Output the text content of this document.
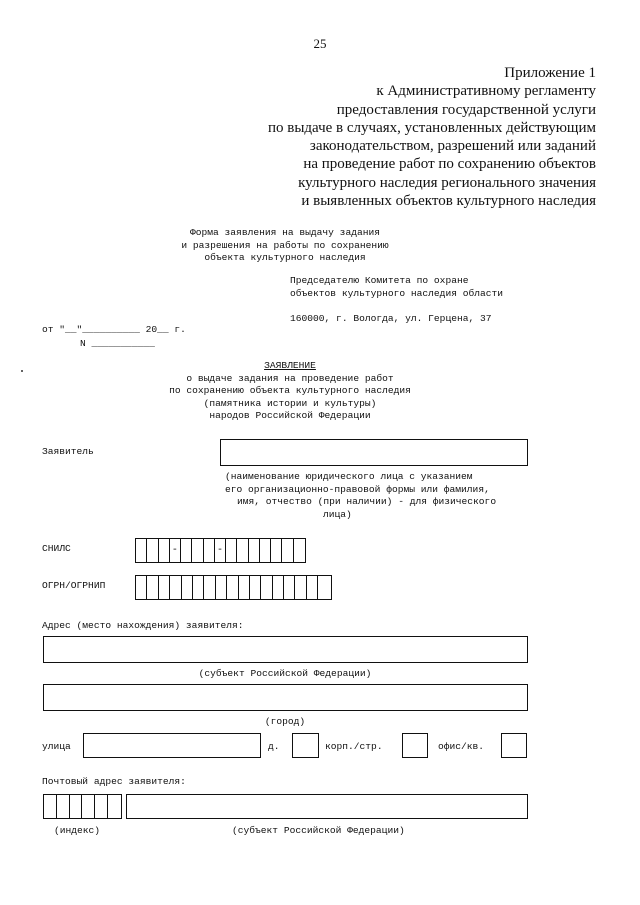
25
Приложение 1
к Административному регламенту
предоставления государственной услуги
по выдаче в случаях, установленных действующим
законодательством, разрешений или заданий
на проведение работ по сохранению объектов
культурного наследия регионального значения
и выявленных объектов культурного наследия
Форма заявления на выдачу задания
и разрешения на работы по сохранению
объекта культурного наследия
Председателю Комитета по охране
объектов культурного наследия области
160000, г. Вологда, ул. Герцена, 37
от "__"__________ 20__ г.
N ___________
ЗАЯВЛЕНИЕ
о выдаче задания на проведение работ
по сохранению объекта культурного наследия
(памятника истории и культуры)
народов Российской Федерации
Заявитель
(наименование юридического лица с указанием
его организационно-правовой формы или фамилия,
имя, отчество (при наличии) - для физического
лица)
СНИЛС	-	-
ОГРН/ОГРНИП
Адрес (место нахождения) заявителя:
(субъект Российской Федерации)
(город)
улица	д.	корп./стр.	офис/кв.
Почтовый адрес заявителя:
(индекс)	(субъект Российской Федерации)
